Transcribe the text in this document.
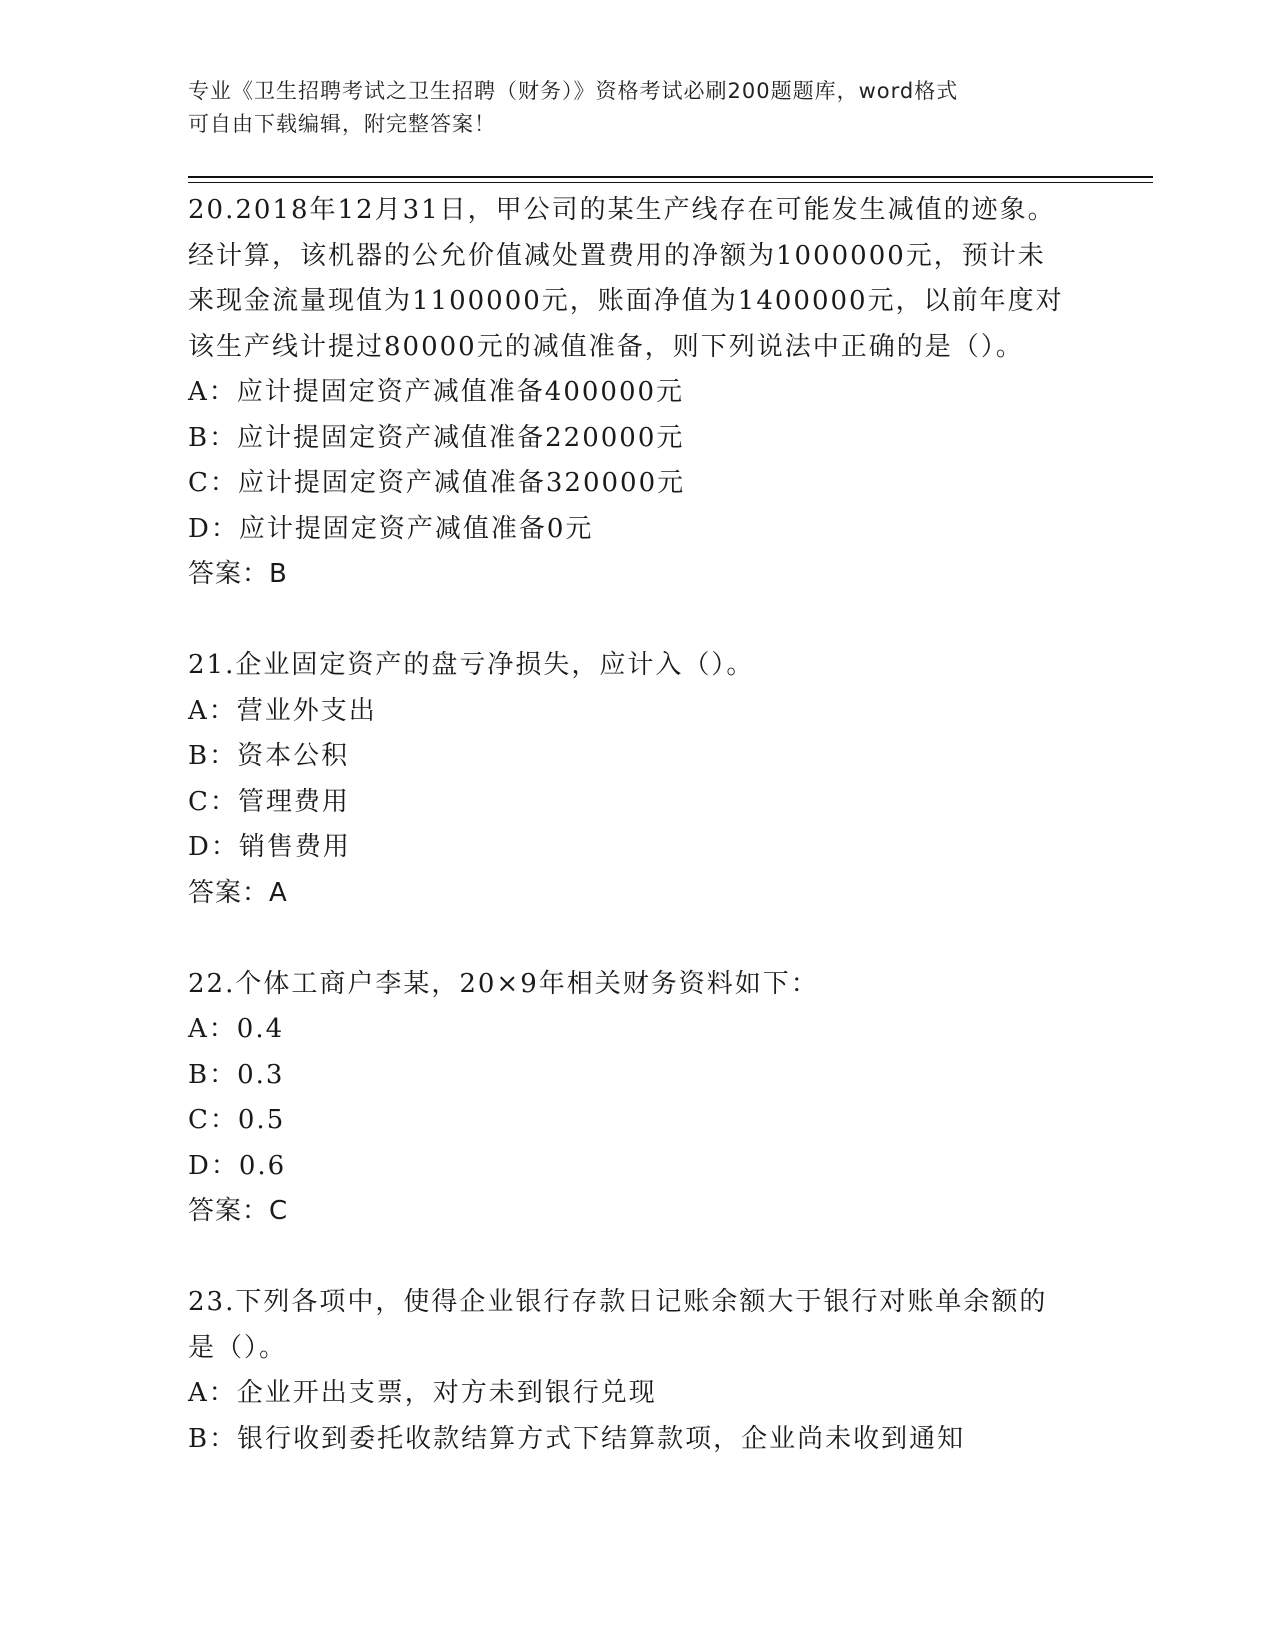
专业《卫生招聘考试之卫生招聘（财务）》资格考试必刷200题题库，word格式
可自由下载编辑，附完整答案！
20.2018年12月31日，甲公司的某生产线存在可能发生减值的迹象。
经计算，该机器的公允价值减处置费用的净额为1000000元，预计未
来现金流量现值为1100000元，账面净值为1400000元，以前年度对
该生产线计提过80000元的减值准备，则下列说法中正确的是（）。
A：应计提固定资产减值准备400000元
B：应计提固定资产减值准备220000元
C：应计提固定资产减值准备320000元
D：应计提固定资产减值准备0元
答案：B
21.企业固定资产的盘亏净损失，应计入（）。
A：营业外支出
B：资本公积
C：管理费用
D：销售费用
答案：A
22.个体工商户李某，20×9年相关财务资料如下：
A：0.4
B：0.3
C：0.5
D：0.6
答案：C
23.下列各项中，使得企业银行存款日记账余额大于银行对账单余额的
是（）。
A：企业开出支票，对方未到银行兑现
B：银行收到委托收款结算方式下结算款项，企业尚未收到通知
